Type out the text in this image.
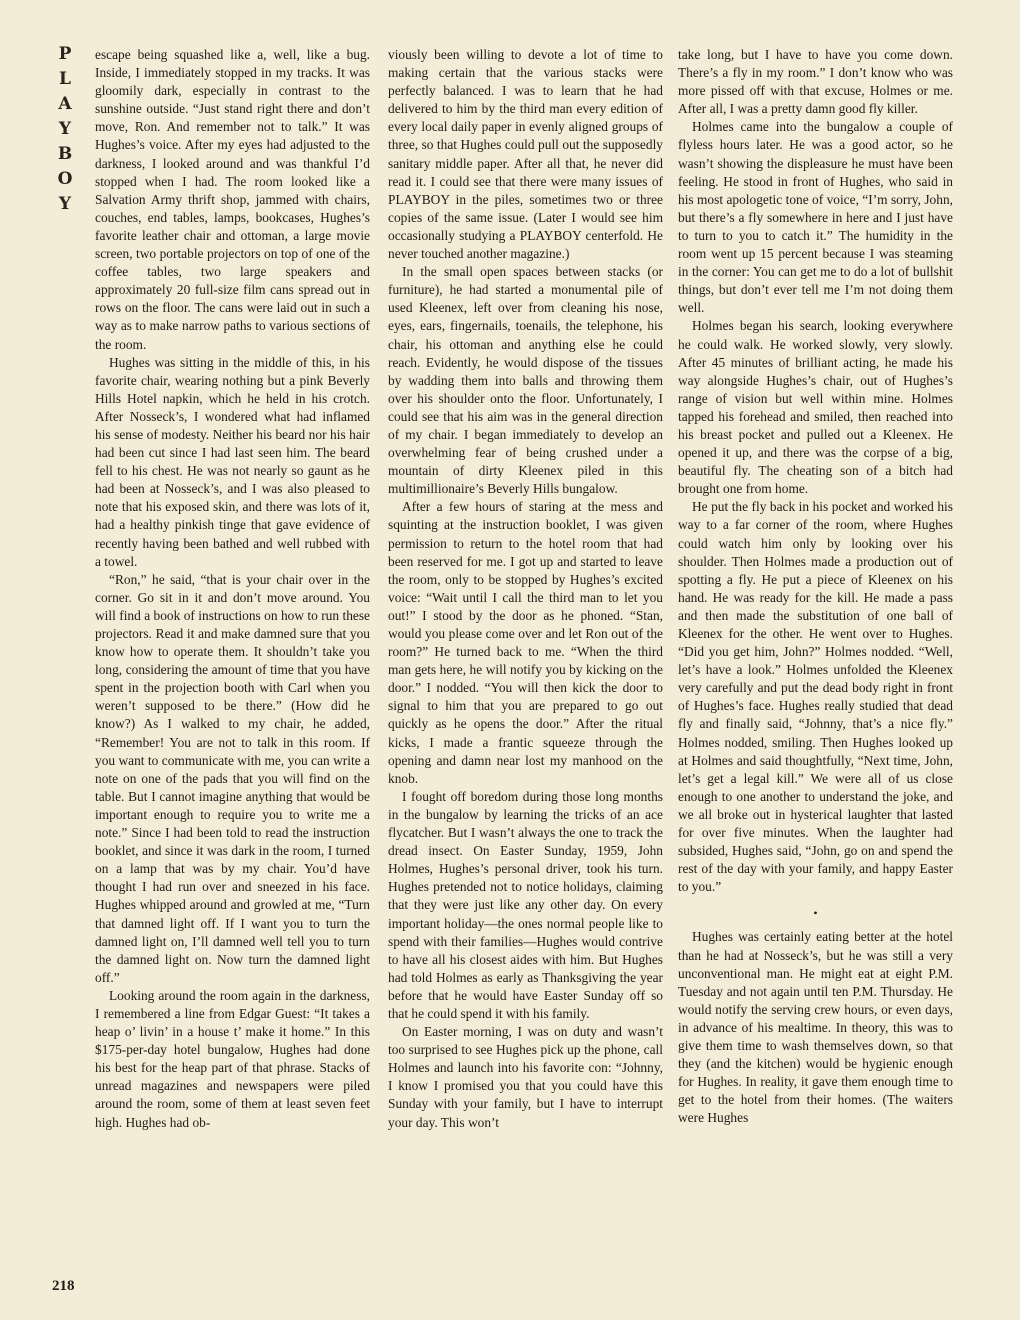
P
L
A
Y
B
O
Y
218

escape being squashed like a, well, like a bug. Inside, I immediately stopped in my tracks. It was gloomily dark, especially in contrast to the sunshine outside. “Just stand right there and don’t move, Ron. And remember not to talk.” It was Hughes’s voice. After my eyes had adjusted to the darkness, I looked around and was thankful I’d stopped when I had. The room looked like a Salvation Army thrift shop, jammed with chairs, couches, end tables, lamps, bookcases, Hughes’s favorite leather chair and ottoman, a large movie screen, two portable projectors on top of one of the coffee tables, two large speakers and approximately 20 full-size film cans spread out in rows on the floor. The cans were laid out in such a way as to make narrow paths to various sections of the room.

Hughes was sitting in the middle of this, in his favorite chair, wearing nothing but a pink Beverly Hills Hotel napkin, which he held in his crotch. After Nosseck’s, I wondered what had inflamed his sense of modesty. Neither his beard nor his hair had been cut since I had last seen him. The beard fell to his chest. He was not nearly so gaunt as he had been at Nosseck’s, and I was also pleased to note that his exposed skin, and there was lots of it, had a healthy pinkish tinge that gave evidence of recently having been bathed and well rubbed with a towel.

“Ron,” he said, “that is your chair over in the corner. Go sit in it and don’t move around. You will find a book of instructions on how to run these projectors. Read it and make damned sure that you know how to operate them. It shouldn’t take you long, considering the amount of time that you have spent in the projection booth with Carl when you weren’t supposed to be there.” (How did he know?) As I walked to my chair, he added, “Remember! You are not to talk in this room. If you want to communicate with me, you can write a note on one of the pads that you will find on the table. But I cannot imagine anything that would be important enough to require you to write me a note.” Since I had been told to read the instruction booklet, and since it was dark in the room, I turned on a lamp that was by my chair. You’d have thought I had run over and sneezed in his face. Hughes whipped around and growled at me, “Turn that damned light off. If I want you to turn the damned light on, I’ll damned well tell you to turn the damned light on. Now turn the damned light off.”

Looking around the room again in the darkness, I remembered a line from Edgar Guest: “It takes a heap o’ livin’ in a house t’ make it home.” In this $175-per-day hotel bungalow, Hughes had done his best for the heap part of that phrase. Stacks of unread magazines and newspapers were piled around the room, some of them at least seven feet high. Hughes had ob-

viously been willing to devote a lot of time to making certain that the various stacks were perfectly balanced. I was to learn that he had delivered to him by the third man every edition of every local daily paper in evenly aligned groups of three, so that Hughes could pull out the supposedly sanitary middle paper. After all that, he never did read it. I could see that there were many issues of PLAYBOY in the piles, sometimes two or three copies of the same issue. (Later I would see him occasionally studying a PLAYBOY centerfold. He never touched another magazine.)

In the small open spaces between stacks (or furniture), he had started a monumental pile of used Kleenex, left over from cleaning his nose, eyes, ears, fingernails, toenails, the telephone, his chair, his ottoman and anything else he could reach. Evidently, he would dispose of the tissues by wadding them into balls and throwing them over his shoulder onto the floor. Unfortunately, I could see that his aim was in the general direction of my chair. I began immediately to develop an overwhelming fear of being crushed under a mountain of dirty Kleenex piled in this multimillionaire’s Beverly Hills bungalow.

After a few hours of staring at the mess and squinting at the instruction booklet, I was given permission to return to the hotel room that had been reserved for me. I got up and started to leave the room, only to be stopped by Hughes’s excited voice: “Wait until I call the third man to let you out!” I stood by the door as he phoned. “Stan, would you please come over and let Ron out of the room?” He turned back to me. “When the third man gets here, he will notify you by kicking on the door.” I nodded. “You will then kick the door to signal to him that you are prepared to go out quickly as he opens the door.” After the ritual kicks, I made a frantic squeeze through the opening and damn near lost my manhood on the knob.

I fought off boredom during those long months in the bungalow by learning the tricks of an ace flycatcher. But I wasn’t always the one to track the dread insect. On Easter Sunday, 1959, John Holmes, Hughes’s personal driver, took his turn. Hughes pretended not to notice holidays, claiming that they were just like any other day. On every important holiday—the ones normal people like to spend with their families—Hughes would contrive to have all his closest aides with him. But Hughes had told Holmes as early as Thanksgiving the year before that he would have Easter Sunday off so that he could spend it with his family.

On Easter morning, I was on duty and wasn’t too surprised to see Hughes pick up the phone, call Holmes and launch into his favorite con: “Johnny, I know I promised you that you could have this Sunday with your family, but I have to interrupt your day. This won’t

take long, but I have to have you come down. There’s a fly in my room.” I don’t know who was more pissed off with that excuse, Holmes or me. After all, I was a pretty damn good fly killer.

Holmes came into the bungalow a couple of flyless hours later. He was a good actor, so he wasn’t showing the displeasure he must have been feeling. He stood in front of Hughes, who said in his most apologetic tone of voice, “I’m sorry, John, but there’s a fly somewhere in here and I just have to turn to you to catch it.” The humidity in the room went up 15 percent because I was steaming in the corner: You can get me to do a lot of bullshit things, but don’t ever tell me I’m not doing them well.

Holmes began his search, looking everywhere he could walk. He worked slowly, very slowly. After 45 minutes of brilliant acting, he made his way alongside Hughes’s chair, out of Hughes’s range of vision but well within mine. Holmes tapped his forehead and smiled, then reached into his breast pocket and pulled out a Kleenex. He opened it up, and there was the corpse of a big, beautiful fly. The cheating son of a bitch had brought one from home.

He put the fly back in his pocket and worked his way to a far corner of the room, where Hughes could watch him only by looking over his shoulder. Then Holmes made a production out of spotting a fly. He put a piece of Kleenex on his hand. He was ready for the kill. He made a pass and then made the substitution of one ball of Kleenex for the other. He went over to Hughes. “Did you get him, John?” Holmes nodded. “Well, let’s have a look.” Holmes unfolded the Kleenex very carefully and put the dead body right in front of Hughes’s face. Hughes really studied that dead fly and finally said, “Johnny, that’s a nice fly.” Holmes nodded, smiling. Then Hughes looked up at Holmes and said thoughtfully, “Next time, John, let’s get a legal kill.” We were all of us close enough to one another to understand the joke, and we all broke out in hysterical laughter that lasted for over five minutes. When the laughter had subsided, Hughes said, “John, go on and spend the rest of the day with your family, and happy Easter to you.”

•

Hughes was certainly eating better at the hotel than he had at Nosseck’s, but he was still a very unconventional man. He might eat at eight P.M. Tuesday and not again until ten P.M. Thursday. He would notify the serving crew hours, or even days, in advance of his mealtime. In theory, this was to give them time to wash themselves down, so that they (and the kitchen) would be hygienic enough for Hughes. In reality, it gave them enough time to get to the hotel from their homes. (The waiters were Hughes
